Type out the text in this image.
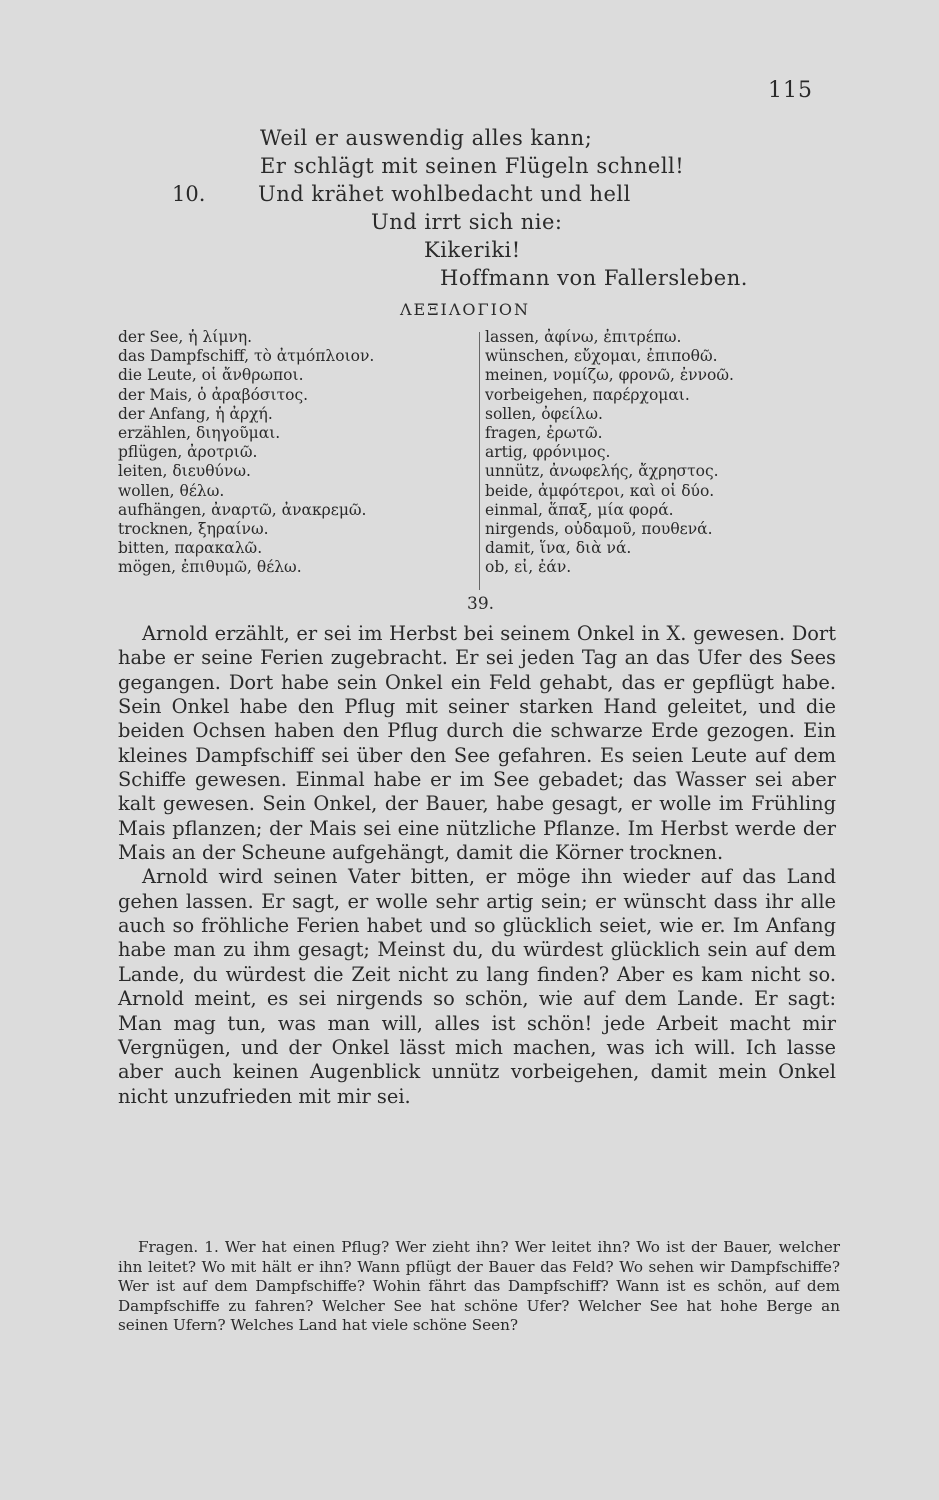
115
Weil er auswendig alles kann;
Er schlägt mit seinen Flügeln schnell!
10.	Und krähet wohlbedacht und hell
Und irrt sich nie:
Kikeriki!
Hoffmann von Fallersleben.
ΛΕΞΙΛΟΓΙΟΝ
der See, ἡ λίμνη.
das Dampfschiff, τὸ ἀτμόπλοιον.
die Leute, οἱ ἄνθρωποι.
der Mais, ὁ ἀραβόσιτος.
der Anfang, ἡ ἀρχή.
erzählen, διηγοῦμαι.
pflügen, ἀροτριῶ.
leiten, διευθύνω.
wollen, θέλω.
aufhängen, ἀναρτῶ, ἀνακρεμῶ.
trocknen, ξηραίνω.
bitten, παρακαλῶ.
mögen, ἐπιθυμῶ, θέλω.
lassen, ἀφίνω, ἐπιτρέπω.
wünschen, εὔχομαι, ἐπιποθῶ.
meinen, νομίζω, φρονῶ, ἐννοῶ.
vorbeigehen, παρέρχομαι.
sollen, ὀφείλω.
fragen, ἐρωτῶ.
artig, φρόνιμος.
unnütz, ἀνωφελής, ἄχρηστος.
beide, ἀμφότεροι, καὶ οἱ δύο.
einmal, ἅπαξ, μία φορά.
nirgends, οὐδαμοῦ, πουθενά.
damit, ἵνα, διὰ νά.
ob, εἰ, ἐάν.
39.

Arnold erzählt, er sei im Herbst bei seinem Onkel in X. gewesen. Dort habe er seine Ferien zugebracht. Er sei jeden Tag an das Ufer des Sees gegangen. Dort habe sein Onkel ein Feld gehabt, das er gepflügt habe. Sein Onkel habe den Pflug mit seiner starken Hand geleitet, und die beiden Ochsen haben den Pflug durch die schwarze Erde gezogen. Ein kleines Dampfschiff sei über den See gefahren. Es seien Leute auf dem Schiffe gewesen. Einmal habe er im See gebadet; das Wasser sei aber kalt gewesen. Sein Onkel, der Bauer, habe gesagt, er wolle im Frühling Mais pflanzen; der Mais sei eine nützliche Pflanze. Im Herbst werde der Mais an der Scheune aufgehängt, damit die Körner trocknen.

Arnold wird seinen Vater bitten, er möge ihn wieder auf das Land gehen lassen. Er sagt, er wolle sehr artig sein; er wünscht dass ihr alle auch so fröhliche Ferien habet und so glücklich seiet, wie er. Im Anfang habe man zu ihm gesagt; Meinst du, du würdest glücklich sein auf dem Lande, du würdest die Zeit nicht zu lang finden? Aber es kam nicht so. Arnold meint, es sei nirgends so schön, wie auf dem Lande. Er sagt: Man mag tun, was man will, alles ist schön! jede Arbeit macht mir Vergnügen, und der Onkel lässt mich machen, was ich will. Ich lasse aber auch keinen Augenblick unnütz vorbeigehen, damit mein Onkel nicht unzufrieden mit mir sei.

Fragen. 1. Wer hat einen Pflug? Wer zieht ihn? Wer leitet ihn? Wo ist der Bauer, welcher ihn leitet? Wo mit hält er ihn? Wann pflügt der Bauer das Feld? Wo sehen wir Dampfschiffe? Wer ist auf dem Dampfschiffe? Wohin fährt das Dampfschiff? Wann ist es schön, auf dem Dampfschiffe zu fahren? Welcher See hat schöne Ufer? Welcher See hat hohe Berge an seinen Ufern? Welches Land hat viele schöne Seen?
